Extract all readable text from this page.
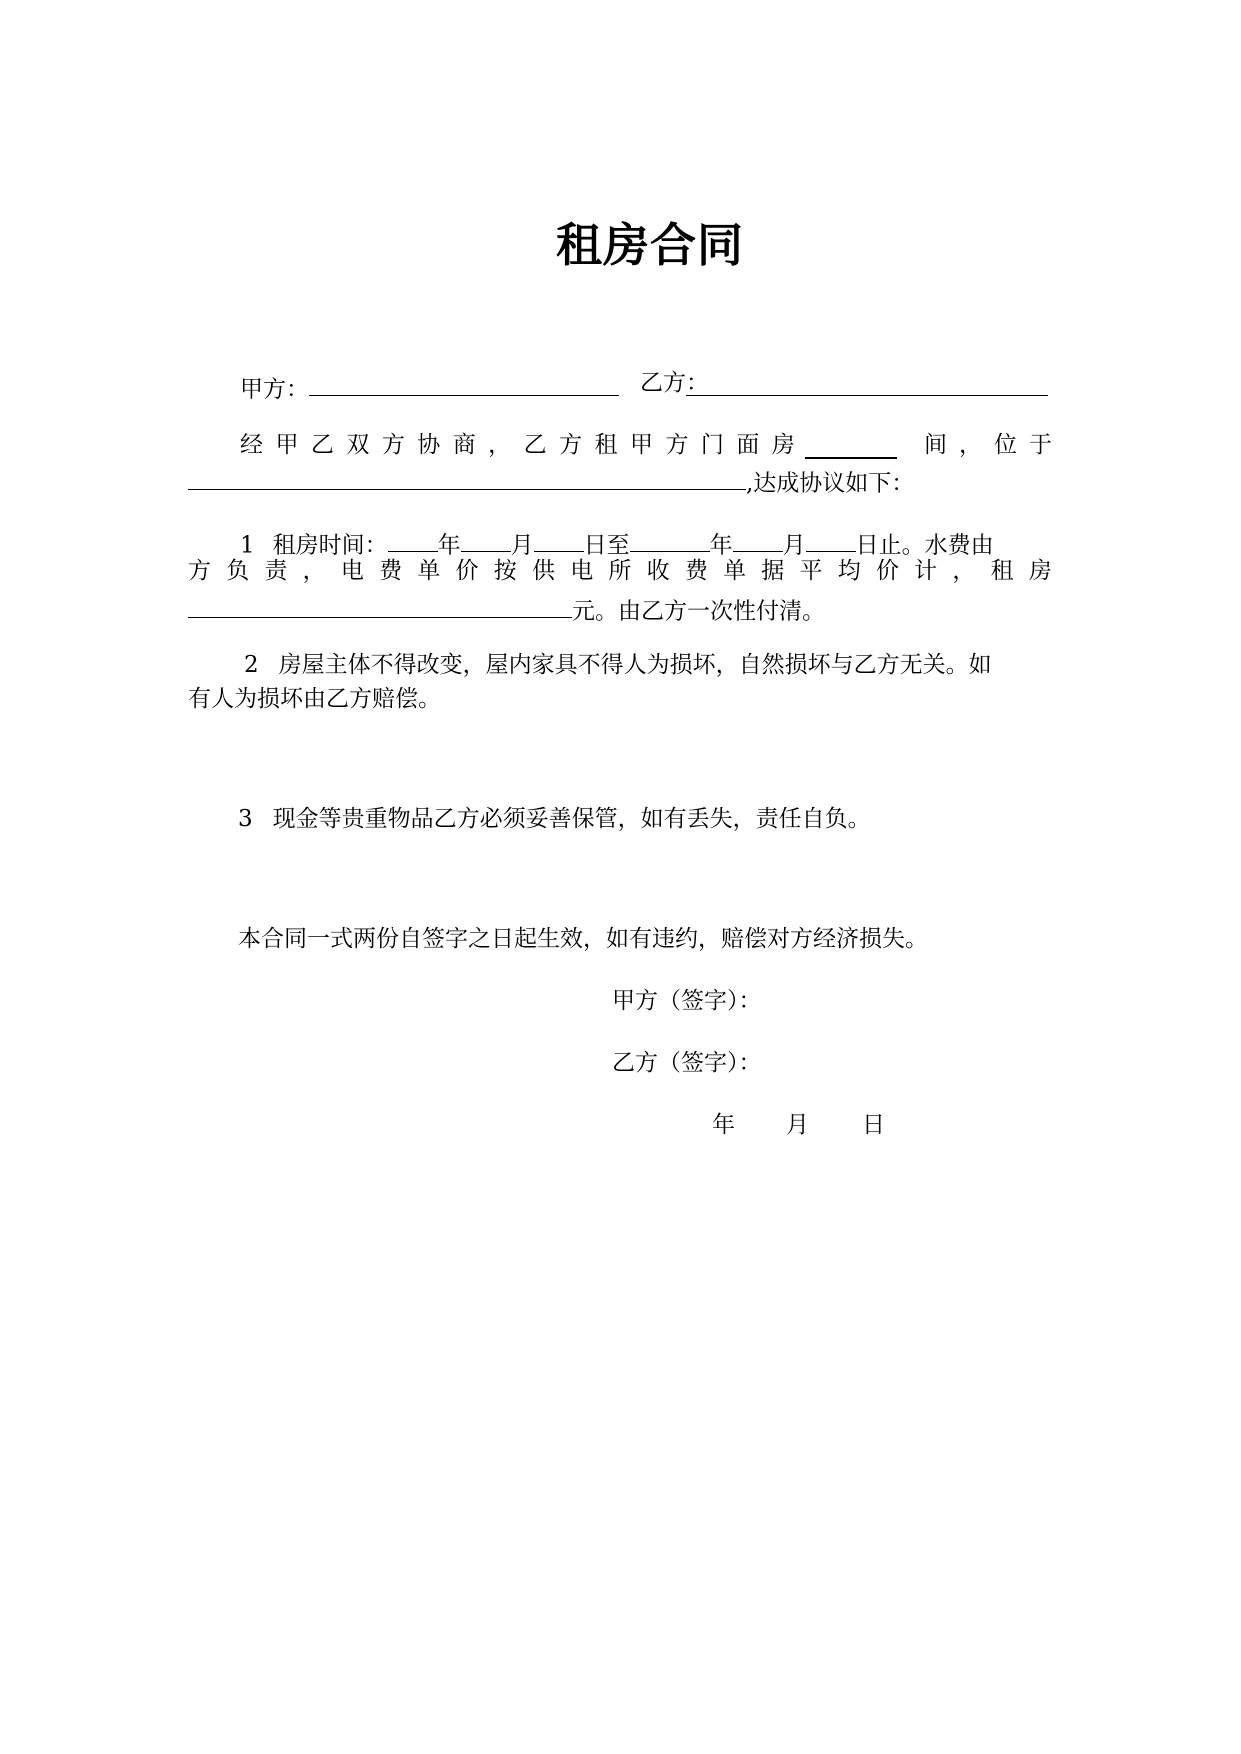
租房合同
甲方：	乙方：
经 甲 乙 双 方 协 商 ， 乙 方 租 甲 方 门 面 房	间 ， 位 于
,达成协议如下：
1 租房时间： 年 月 日至	年 月 日止。水费由
方 负 责 ， 电 费 单 价 按 供 电 所 收 费 单 据 平 均 价 计 ， 租 房
元。由乙方一次性付清。
2 房屋主体不得改变，屋内家具不得人为损坏，自然损坏与乙方无关。如
有人为损坏由乙方赔偿。
3 现金等贵重物品乙方必须妥善保管，如有丢失，责任自负。
本合同一式两份自签字之日起生效，如有违约，赔偿对方经济损失。
甲方（签字）：
乙方（签字）：
年 月 日
